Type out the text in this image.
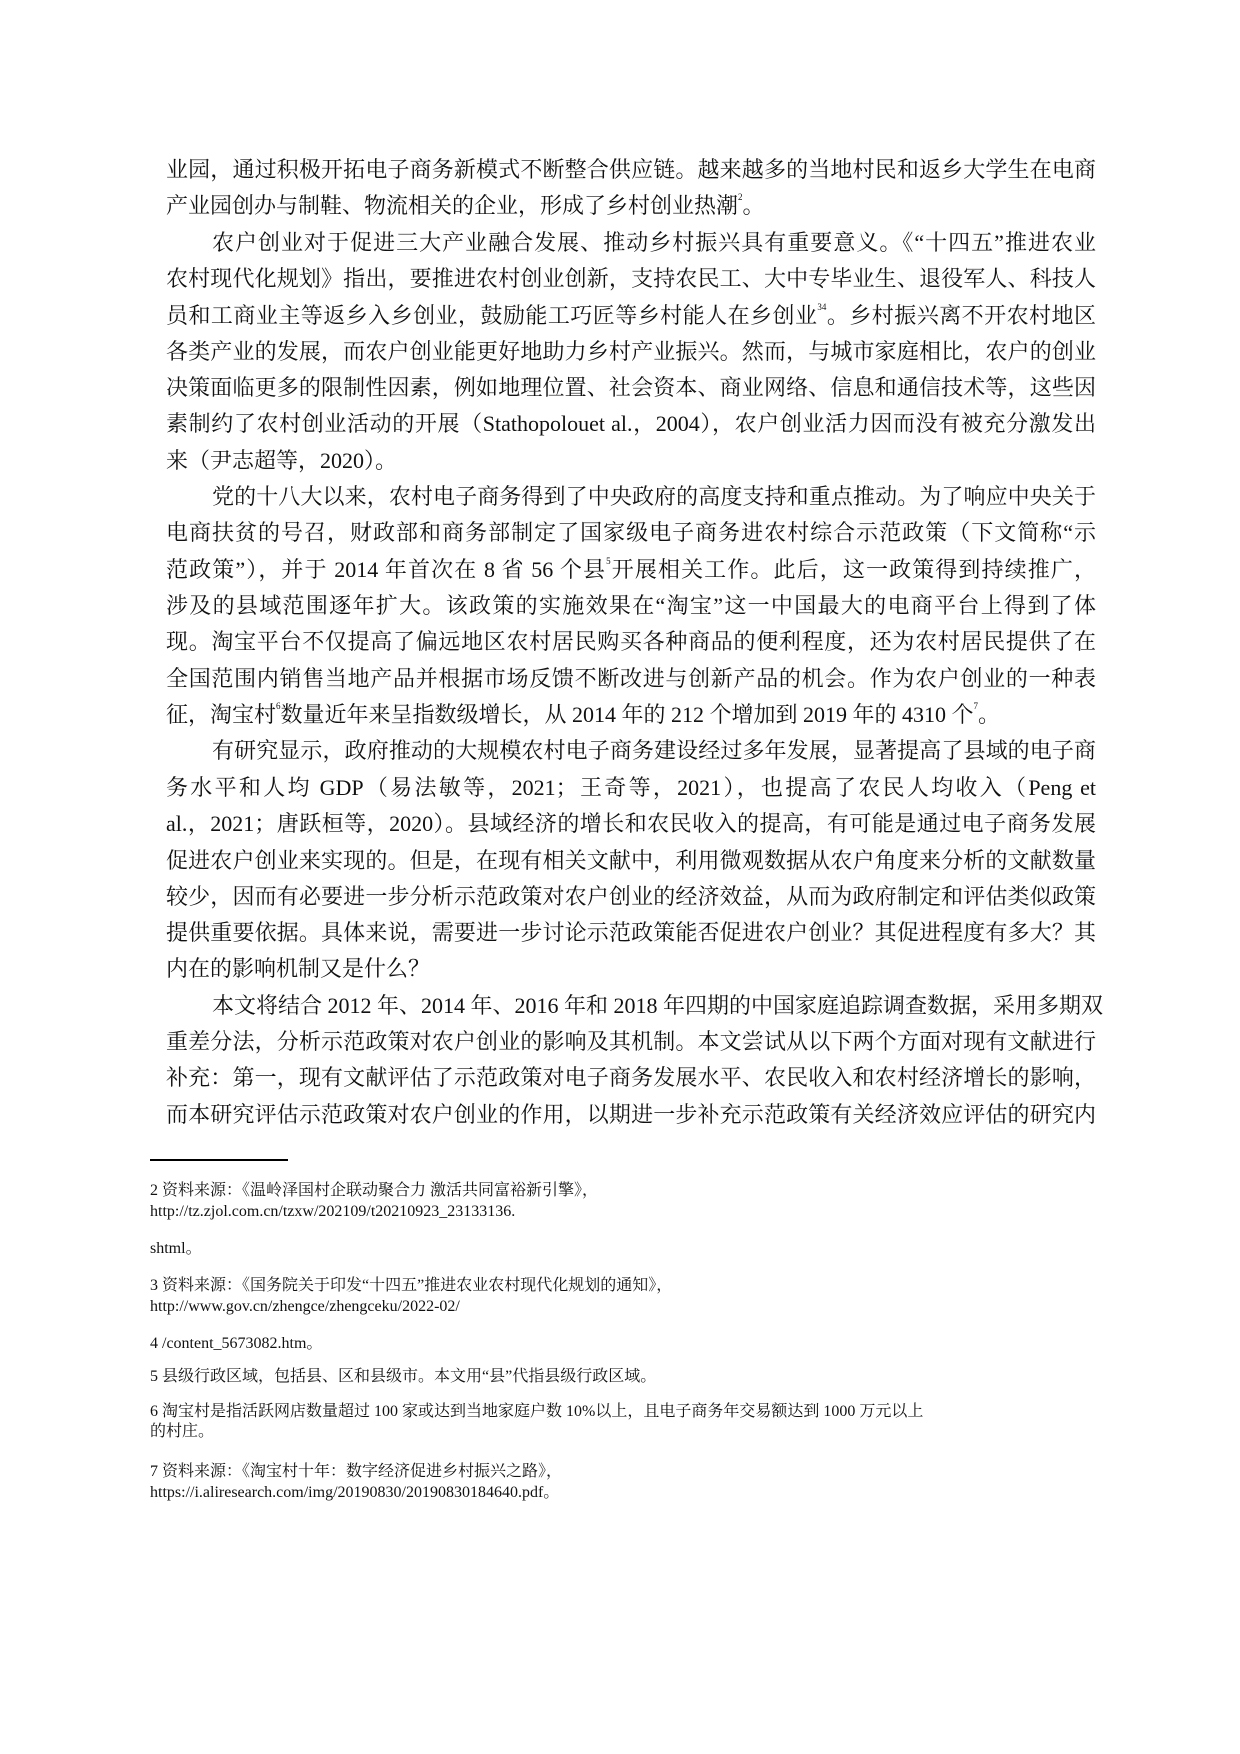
业园，通过积极开拓电子商务新模式不断整合供应链。越来越多的当地村民和返乡大学生在电商
产业园创办与制鞋、物流相关的企业，形成了乡村创业热潮$^2$。
农户创业对于促进三大产业融合发展、推动乡村振兴具有重要意义。《“十四五”推进农业
农村现代化规划》指出，要推进农村创业创新，支持农民工、大中专毕业生、退役军人、科技人
员和工商业主等返乡入乡创业，鼓励能工巧匠等乡村能人在乡创业$^{34}$。乡村振兴离不开农村地区
各类产业的发展，而农户创业能更好地助力乡村产业振兴。然而，与城市家庭相比，农户的创业
决策面临更多的限制性因素，例如地理位置、社会资本、商业网络、信息和通信技术等，这些因
素制约了农村创业活动的开展（Stathopolouet al.，2004），农户创业活力因而没有被充分激发出
来（尹志超等，2020）。
党的十八大以来，农村电子商务得到了中央政府的高度支持和重点推动。为了响应中央关于
电商扶贫的号召，财政部和商务部制定了国家级电子商务进农村综合示范政策（下文简称“示
范政策”），并于 2014 年首次在 8 省 56 个县$^5$开展相关工作。此后，这一政策得到持续推广，
涉及的县域范围逐年扩大。该政策的实施效果在“淘宝”这一中国最大的电商平台上得到了体
现。淘宝平台不仅提高了偏远地区农村居民购买各种商品的便利程度，还为农村居民提供了在
全国范围内销售当地产品并根据市场反馈不断改进与创新产品的机会。作为农户创业的一种表
征，淘宝村$^6$数量近年来呈指数级增长，从 2014 年的 212 个增加到 2019 年的 4310 个$^7$。
有研究显示，政府推动的大规模农村电子商务建设经过多年发展，显著提高了县域的电子商
务水平和人均 GDP（易法敏等，2021；王奇等，2021），也提高了农民人均收入（Peng et
al.，2021；唐跃桓等，2020）。县域经济的增长和农民收入的提高，有可能是通过电子商务发展
促进农户创业来实现的。但是，在现有相关文献中，利用微观数据从农户角度来分析的文献数量
较少，因而有必要进一步分析示范政策对农户创业的经济效益，从而为政府制定和评估类似政策
提供重要依据。具体来说，需要进一步讨论示范政策能否促进农户创业？其促进程度有多大？其
内在的影响机制又是什么？
本文将结合 2012 年、2014 年、2016 年和 2018 年四期的中国家庭追踪调查数据，采用多期双
重差分法，分析示范政策对农户创业的影响及其机制。本文尝试从以下两个方面对现有文献进行
补充：第一，现有文献评估了示范政策对电子商务发展水平、农民收入和农村经济增长的影响，
而本研究评估示范政策对农户创业的作用，以期进一步补充示范政策有关经济效应评估的研究内
2 资料来源：《温岭泽国村企联动聚合力 激活共同富裕新引擎》，
http://tz.zjol.com.cn/tzxw/202109/t20210923_23133136.
shtml。
3 资料来源：《国务院关于印发“十四五”推进农业农村现代化规划的通知》，
http://www.gov.cn/zhengce/zhengceku/2022-02/
4 /content_5673082.htm。
5 县级行政区域，包括县、区和县级市。本文用“县”代指县级行政区域。
6 淘宝村是指活跃网店数量超过 100 家或达到当地家庭户数 10%以上，且电子商务年交易额达到 1000 万元以上
的村庄。
7 资料来源：《淘宝村十年：数字经济促进乡村振兴之路》，
https://i.aliresearch.com/img/20190830/20190830184640.pdf。
